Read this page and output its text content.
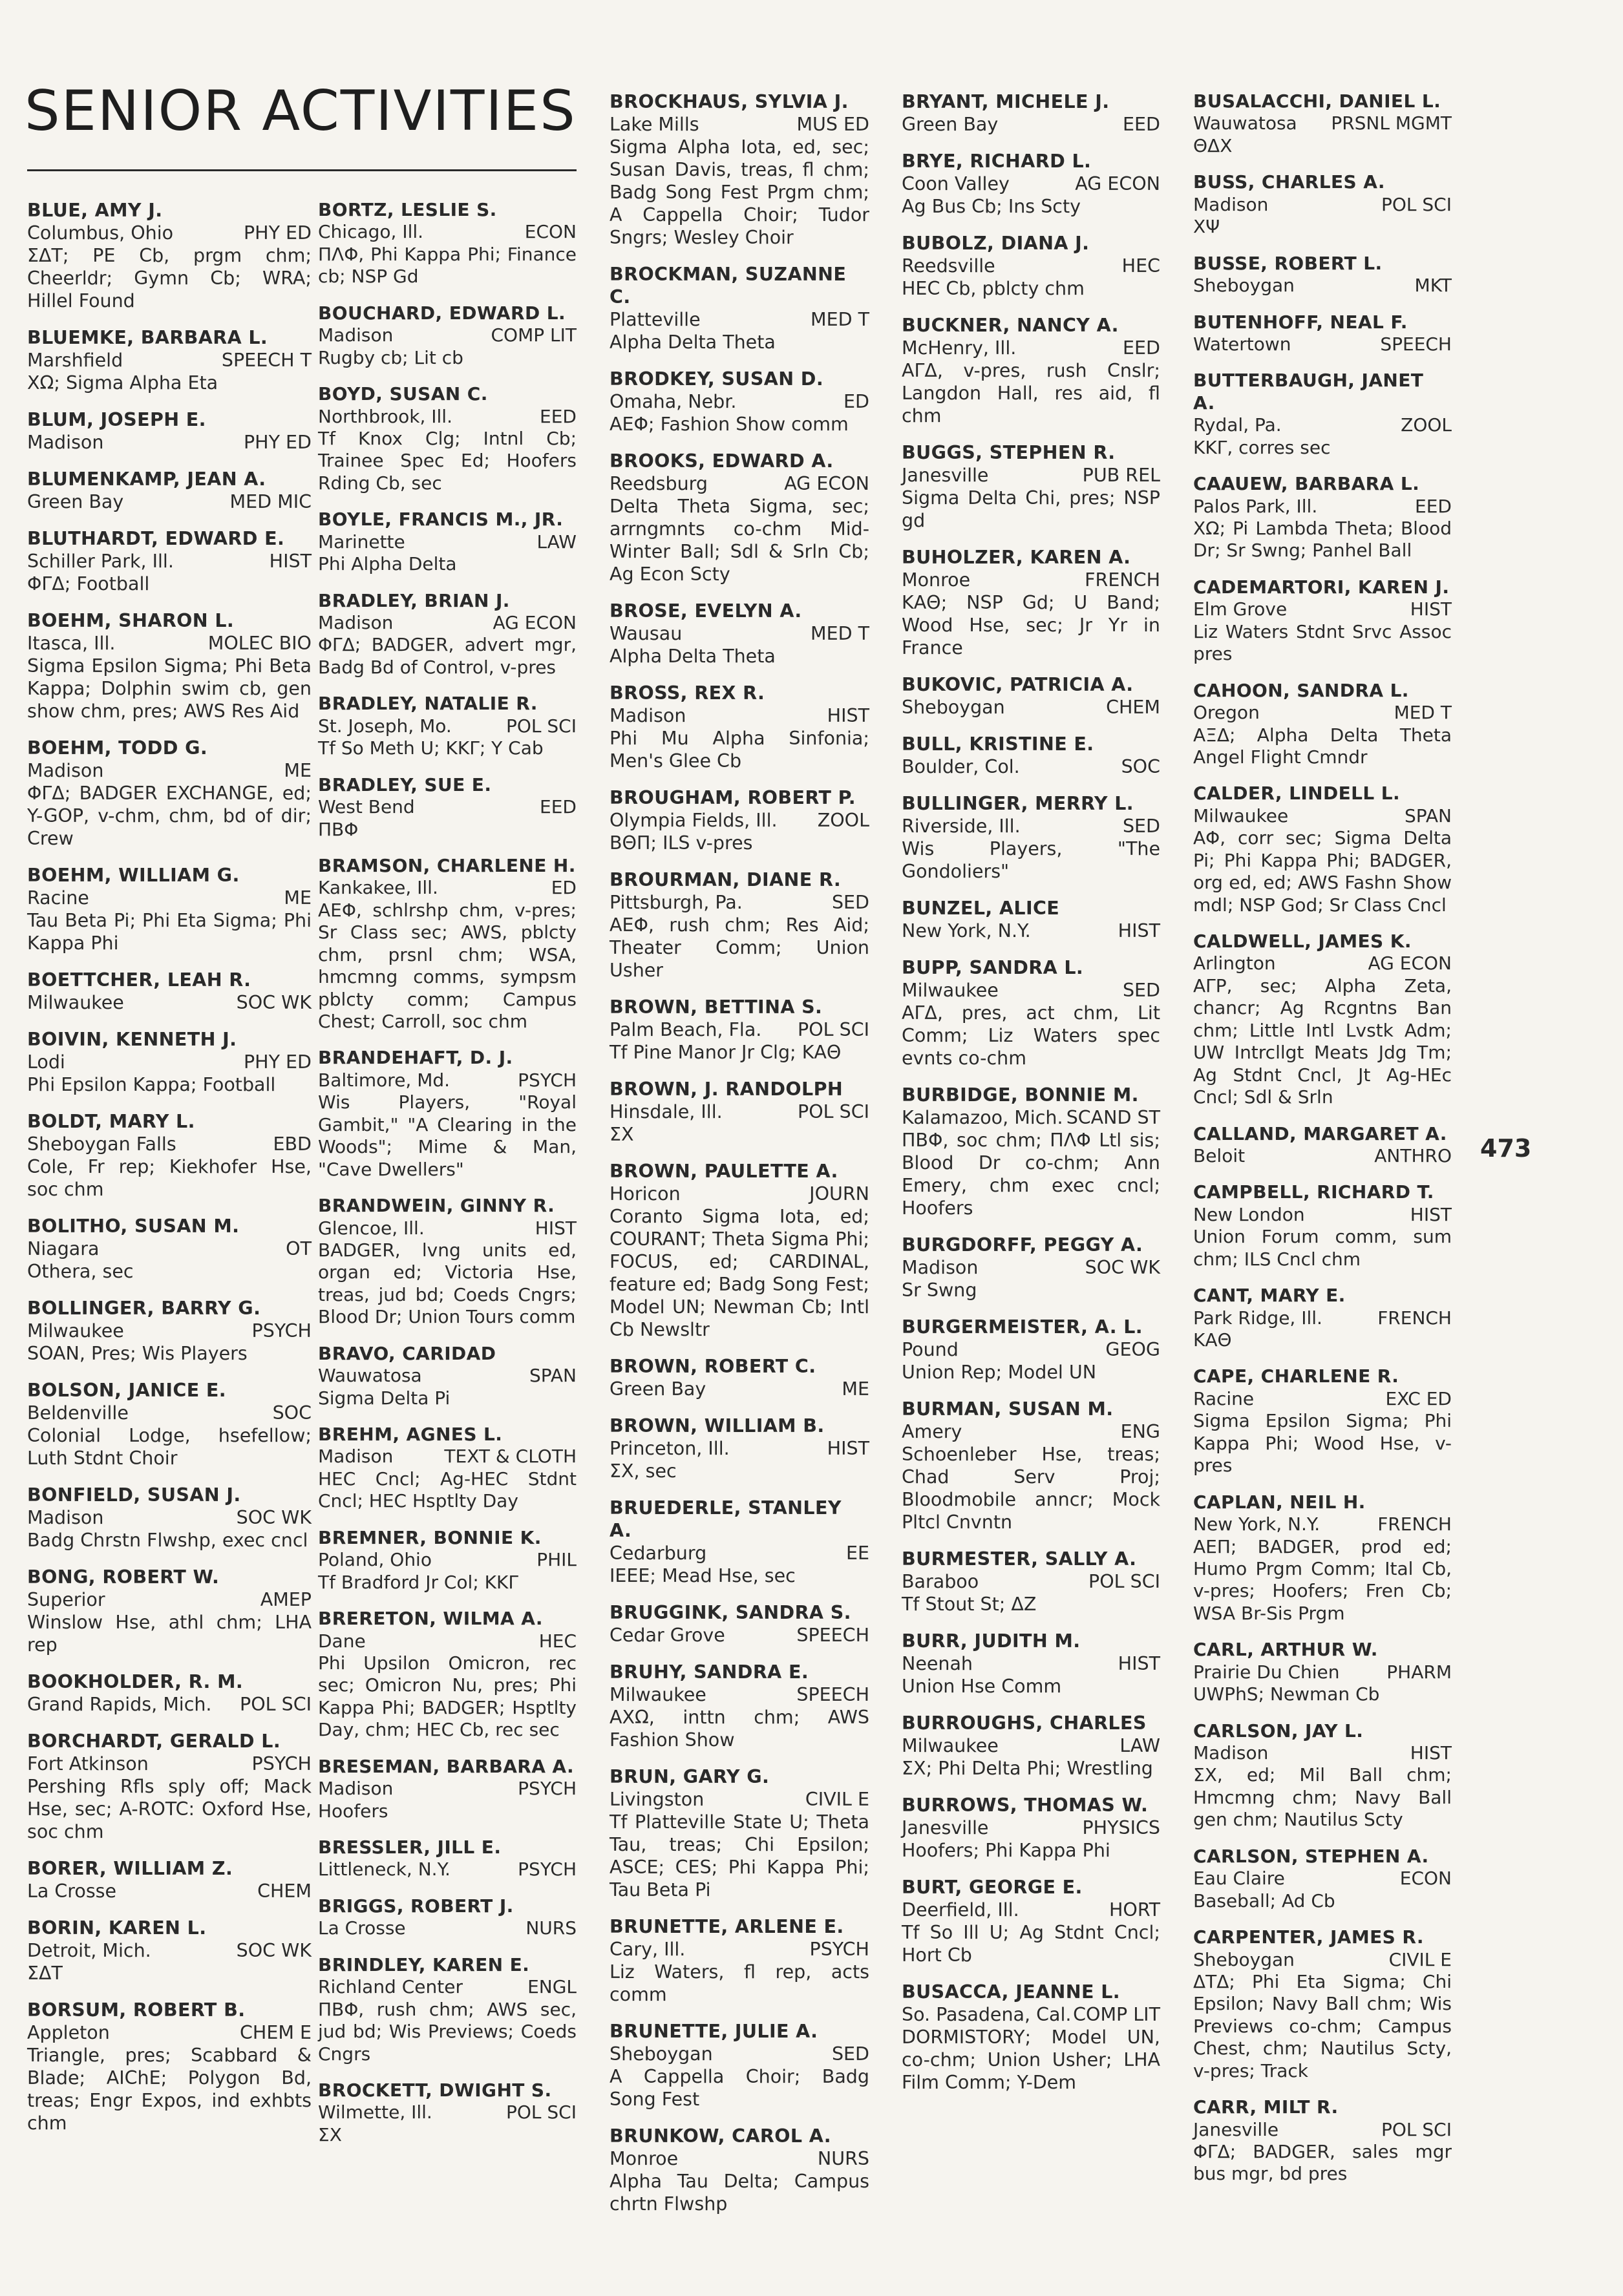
SENIOR ACTIVITIES
BLUE, AMY J.
Columbus, Ohio	PHY ED
ΣΔΤ; PE Cb, prgm chm; Cheerldr; Gymn Cb; WRA; Hillel Found
BLUEMKE, BARBARA L.
Marshfield	SPEECH T
ΧΩ; Sigma Alpha Eta
BLUM, JOSEPH E.
Madison	PHY ED
BLUMENKAMP, JEAN A.
Green Bay	MED MIC
BLUTHARDT, EDWARD E.
Schiller Park, Ill.	HIST
ΦΓΔ; Football
BOEHM, SHARON L.
Itasca, Ill.	MOLEC BIO
Sigma Epsilon Sigma; Phi Beta Kappa; Dolphin swim cb, gen show chm, pres; AWS Res Aid
BOEHM, TODD G.
Madison	ME
ΦΓΔ; BADGER EXCHANGE, ed; Y-GOP, v-chm, chm, bd of dir; Crew
BOEHM, WILLIAM G.
Racine	ME
Tau Beta Pi; Phi Eta Sigma; Phi Kappa Phi
BOETTCHER, LEAH R.
Milwaukee	SOC WK
BOIVIN, KENNETH J.
Lodi	PHY ED
Phi Epsilon Kappa; Football
BOLDT, MARY L.
Sheboygan Falls	EBD
Cole, Fr rep; Kiekhofer Hse, soc chm
BOLITHO, SUSAN M.
Niagara	OT
Othera, sec
BOLLINGER, BARRY G.
Milwaukee	PSYCH
SOAN, Pres; Wis Players
BOLSON, JANICE E.
Beldenville	SOC
Colonial Lodge, hsefellow; Luth Stdnt Choir
BONFIELD, SUSAN J.
Madison	SOC WK
Badg Chrstn Flwshp, exec cncl
BONG, ROBERT W.
Superior	AMEP
Winslow Hse, athl chm; LHA rep
BOOKHOLDER, R. M.
Grand Rapids, Mich. POL SCI
BORCHARDT, GERALD L.
Fort Atkinson	PSYCH
Pershing Rfls sply off; Mack Hse, sec; A-ROTC: Oxford Hse, soc chm
BORER, WILLIAM Z.
La Crosse	CHEM
BORIN, KAREN L.
Detroit, Mich.	SOC WK
ΣΔΤ
BORSUM, ROBERT B.
Appleton	CHEM E
Triangle, pres; Scabbard & Blade; AIChE; Polygon Bd, treas; Engr Expos, ind exhbts chm
BORTZ, LESLIE S.
Chicago, Ill.	ECON
ΠΛΦ, Phi Kappa Phi; Finance cb; NSP Gd
BOUCHARD, EDWARD L.
Madison	COMP LIT
Rugby cb; Lit cb
BOYD, SUSAN C.
Northbrook, Ill.	EED
Tf Knox Clg; Intnl Cb; Trainee Spec Ed; Hoofers Rding Cb, sec
BOYLE, FRANCIS M., JR.
Marinette	LAW
Phi Alpha Delta
BRADLEY, BRIAN J.
Madison	AG ECON
ΦΓΔ; BADGER, advert mgr, Badg Bd of Control, v-pres
BRADLEY, NATALIE R.
St. Joseph, Mo.	POL SCI
Tf So Meth U; ΚΚΓ; Y Cab
BRADLEY, SUE E.
West Bend	EED
ΠΒΦ
BRAMSON, CHARLENE H.
Kankakee, Ill.	ED
ΑΕΦ, schlrshp chm, v-pres; Sr Class sec; AWS, pblcty chm, prsnl chm; WSA, hmcmng comms, sympsm pblcty comm; Campus Chest; Carroll, soc chm
BRANDEHAFT, D. J.
Baltimore, Md.	PSYCH
Wis Players, "Royal Gambit," "A Clearing in the Woods"; Mime & Man, "Cave Dwellers"
BRANDWEIN, GINNY R.
Glencoe, Ill.	HIST
BADGER, lvng units ed, organ ed; Victoria Hse, treas, jud bd; Coeds Cngrs; Blood Dr; Union Tours comm
BRAVO, CARIDAD
Wauwatosa	SPAN
Sigma Delta Pi
BREHM, AGNES L.
Madison	TEXT & CLOTH
HEC Cncl; Ag-HEC Stdnt Cncl; HEC Hsptlty Day
BREMNER, BONNIE K.
Poland, Ohio	PHIL
Tf Bradford Jr Col; ΚΚΓ
BRERETON, WILMA A.
Dane	HEC
Phi Upsilon Omicron, rec sec; Omicron Nu, pres; Phi Kappa Phi; BADGER; Hsptlty Day, chm; HEC Cb, rec sec
BRESEMAN, BARBARA A.
Madison	PSYCH
Hoofers
BRESSLER, JILL E.
Littleneck, N.Y.	PSYCH
BRIGGS, ROBERT J.
La Crosse	NURS
BRINDLEY, KAREN E.
Richland Center	ENGL
ΠΒΦ, rush chm; AWS sec, jud bd; Wis Previews; Coeds Cngrs
BROCKETT, DWIGHT S.
Wilmette, Ill.	POL SCI
ΣΧ
BROCKHAUS, SYLVIA J.
Lake Mills	MUS ED
Sigma Alpha Iota, ed, sec; Susan Davis, treas, fl chm; Badg Song Fest Prgm chm; A Cappella Choir; Tudor Sngrs; Wesley Choir
BROCKMAN, SUZANNE C.
Platteville	MED T
Alpha Delta Theta
BRODKEY, SUSAN D.
Omaha, Nebr.	ED
ΑΕΦ; Fashion Show comm
BROOKS, EDWARD A.
Reedsburg	AG ECON
Delta Theta Sigma, sec; arrngmnts co-chm Mid-Winter Ball; Sdl & Srln Cb; Ag Econ Scty
BROSE, EVELYN A.
Wausau	MED T
Alpha Delta Theta
BROSS, REX R.
Madison	HIST
Phi Mu Alpha Sinfonia; Men's Glee Cb
BROUGHAM, ROBERT P.
Olympia Fields, Ill. ZOOL
ΒΘΠ; ILS v-pres
BROURMAN, DIANE R.
Pittsburgh, Pa.	SED
ΑΕΦ, rush chm; Res Aid; Theater Comm; Union Usher
BROWN, BETTINA S.
Palm Beach, Fla. POL SCI
Tf Pine Manor Jr Clg; ΚΑΘ
BROWN, J. RANDOLPH
Hinsdale, Ill.	POL SCI
ΣΧ
BROWN, PAULETTE A.
Horicon	JOURN
Coranto Sigma Iota, ed; COURANT; Theta Sigma Phi; FOCUS, ed; CARDINAL, feature ed; Badg Song Fest; Model UN; Newman Cb; Intl Cb Newsltr
BROWN, ROBERT C.
Green Bay	ME
BROWN, WILLIAM B.
Princeton, Ill.	HIST
ΣΧ, sec
BRUEDERLE, STANLEY A.
Cedarburg	EE
IEEE; Mead Hse, sec
BRUGGINK, SANDRA S.
Cedar Grove	SPEECH
BRUHY, SANDRA E.
Milwaukee	SPEECH
ΑΧΩ, inttn chm; AWS Fashion Show
BRUN, GARY G.
Livingston	CIVIL E
Tf Platteville State U; Theta Tau, treas; Chi Epsilon; ASCE; CES; Phi Kappa Phi; Tau Beta Pi
BRUNETTE, ARLENE E.
Cary, Ill.	PSYCH
Liz Waters, fl rep, acts comm
BRUNETTE, JULIE A.
Sheboygan	SED
A Cappella Choir; Badg Song Fest
BRUNKOW, CAROL A.
Monroe	NURS
Alpha Tau Delta; Campus chrtn Flwshp
BRYANT, MICHELE J.
Green Bay	EED
BRYE, RICHARD L.
Coon Valley	AG ECON
Ag Bus Cb; Ins Scty
BUBOLZ, DIANA J.
Reedsville	HEC
HEC Cb, pblcty chm
BUCKNER, NANCY A.
McHenry, Ill.	EED
ΑΓΔ, v-pres, rush Cnslr; Langdon Hall, res aid, fl chm
BUGGS, STEPHEN R.
Janesville	PUB REL
Sigma Delta Chi, pres; NSP gd
BUHOLZER, KAREN A.
Monroe	FRENCH
ΚΑΘ; NSP Gd; U Band; Wood Hse, sec; Jr Yr in France
BUKOVIC, PATRICIA A.
Sheboygan	CHEM
BULL, KRISTINE E.
Boulder, Col.	SOC
BULLINGER, MERRY L.
Riverside, Ill.	SED
Wis Players, "The Gondoliers"
BUNZEL, ALICE
New York, N.Y.	HIST
BUPP, SANDRA L.
Milwaukee	SED
ΑΓΔ, pres, act chm, Lit Comm; Liz Waters spec evnts co-chm
BURBIDGE, BONNIE M.
Kalamazoo, Mich. SCAND ST
ΠΒΦ, soc chm; ΠΛΦ Ltl sis; Blood Dr co-chm; Ann Emery, chm exec cncl; Hoofers
BURGDORFF, PEGGY A.
Madison	SOC WK
Sr Swng
BURGERMEISTER, A. L.
Pound	GEOG
Union Rep; Model UN
BURMAN, SUSAN M.
Amery	ENG
Schoenleber Hse, treas; Chad Serv Proj; Bloodmobile anncr; Mock Pltcl Cnvntn
BURMESTER, SALLY A.
Baraboo	POL SCI
Tf Stout St; ΔΖ
BURR, JUDITH M.
Neenah	HIST
Union Hse Comm
BURROUGHS, CHARLES
Milwaukee	LAW
ΣΧ; Phi Delta Phi; Wrestling
BURROWS, THOMAS W.
Janesville	PHYSICS
Hoofers; Phi Kappa Phi
BURT, GEORGE E.
Deerfield, Ill.	HORT
Tf So Ill U; Ag Stdnt Cncl; Hort Cb
BUSACCA, JEANNE L.
So. Pasadena, Cal. COMP LIT
DORMISTORY; Model UN, co-chm; Union Usher; LHA Film Comm; Y-Dem
BUSALACCHI, DANIEL L.
Wauwatosa PRSNL MGMT
ΘΔΧ
BUSS, CHARLES A.
Madison	POL SCI
ΧΨ
BUSSE, ROBERT L.
Sheboygan	MKT
BUTENHOFF, NEAL F.
Watertown	SPEECH
BUTTERBAUGH, JANET A.
Rydal, Pa.	ZOOL
ΚΚΓ, corres sec
CAAUEW, BARBARA L.
Palos Park, Ill.	EED
ΧΩ; Pi Lambda Theta; Blood Dr; Sr Swng; Panhel Ball
CADEMARTORI, KAREN J.
Elm Grove	HIST
Liz Waters Stdnt Srvc Assoc pres
CAHOON, SANDRA L.
Oregon	MED T
ΑΞΔ; Alpha Delta Theta Angel Flight Cmndr
CALDER, LINDELL L.
Milwaukee	SPAN
ΑΦ, corr sec; Sigma Delta Pi; Phi Kappa Phi; BADGER, org ed, ed; AWS Fashn Show mdl; NSP God; Sr Class Cncl
CALDWELL, JAMES K.
Arlington	AG ECON
ΑΓΡ, sec; Alpha Zeta, chancr; Ag Rcgntns Ban chm; Little Intl Lvstk Adm; UW Intrcllgt Meats Jdg Tm; Ag Stdnt Cncl, Jt Ag-HEc Cncl; Sdl & Srln
CALLAND, MARGARET A.
Beloit	ANTHRO
CAMPBELL, RICHARD T.
New London	HIST
Union Forum comm, sum chm; ILS Cncl chm
CANT, MARY E.
Park Ridge, Ill.	FRENCH
ΚΑΘ
CAPE, CHARLENE R.
Racine	EXC ED
Sigma Epsilon Sigma; Phi Kappa Phi; Wood Hse, v-pres
CAPLAN, NEIL H.
New York, N.Y.	FRENCH
ΑΕΠ; BADGER, prod ed; Humo Prgm Comm; Ital Cb, v-pres; Hoofers; Fren Cb; WSA Br-Sis Prgm
CARL, ARTHUR W.
Prairie Du Chien	PHARM
UWPhS; Newman Cb
CARLSON, JAY L.
Madison	HIST
ΣΧ, ed; Mil Ball chm; Hmcmng chm; Navy Ball gen chm; Nautilus Scty
CARLSON, STEPHEN A.
Eau Claire	ECON
Baseball; Ad Cb
CARPENTER, JAMES R.
Sheboygan	CIVIL E
ΔΤΔ; Phi Eta Sigma; Chi Epsilon; Navy Ball chm; Wis Previews co-chm; Campus Chest, chm; Nautilus Scty, v-pres; Track
CARR, MILT R.
Janesville	POL SCI
ΦΓΔ; BADGER, sales mgr bus mgr, bd pres
473
